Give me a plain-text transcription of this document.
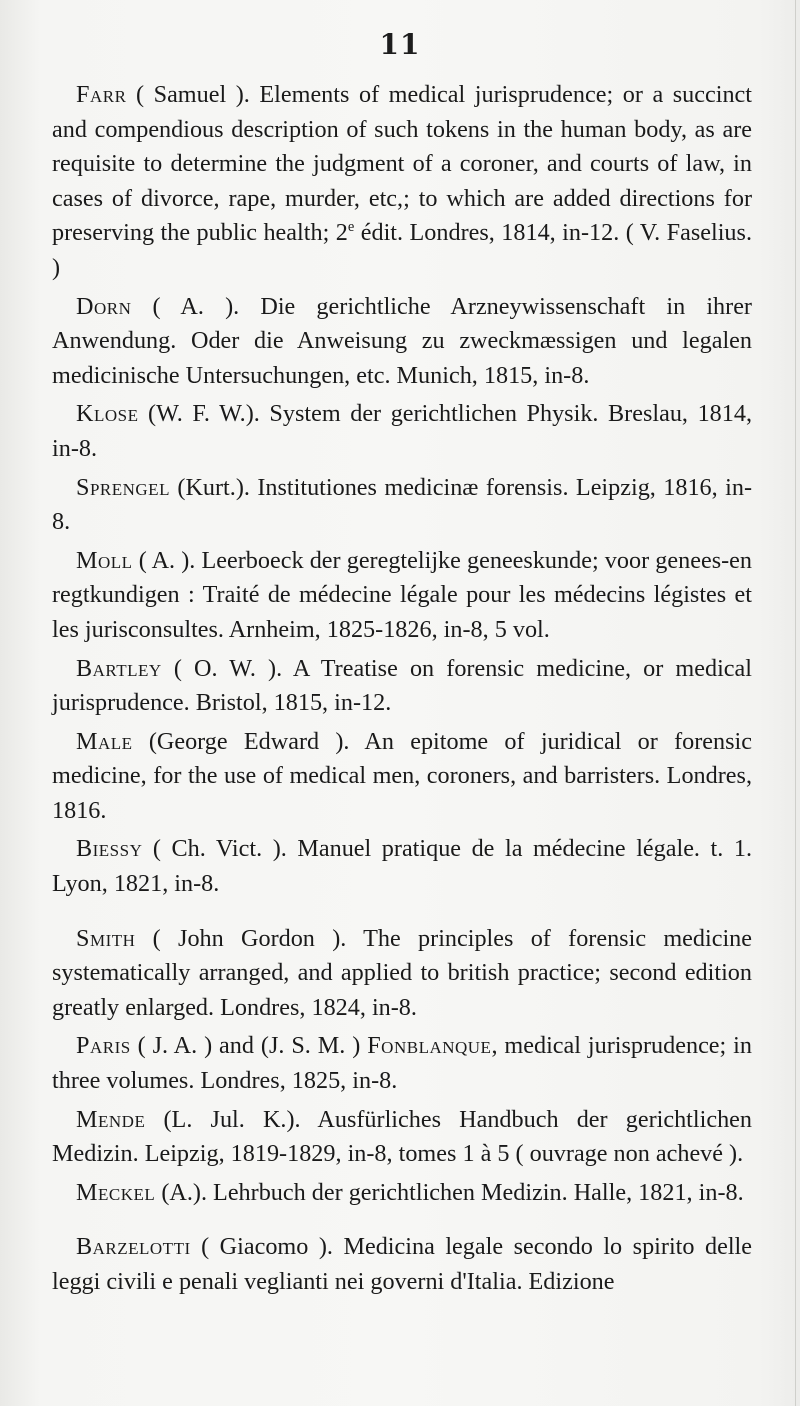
11

Farr ( Samuel ). Elements of medical jurisprudence; or a succinct and compendious description of such tokens in the human body, as are requisite to determine the judgment of a coroner, and courts of law, in cases of divorce, rape, murder, etc,; to which are added directions for preserving the public health; 2e édit. Londres, 1814, in-12. ( V. Faselius. )

Dorn ( A. ). Die gerichtliche Arzneywissenschaft in ihrer Anwendung. Oder die Anweisung zu zweckmæssigen und legalen medicinische Untersuchungen, etc. Munich, 1815, in-8.

Klose (W. F. W.). System der gerichtlichen Physik. Breslau, 1814, in-8.

Sprengel (Kurt.). Institutiones medicinæ forensis. Leipzig, 1816, in-8.

Moll ( A. ). Leerboeck der geregtelijke geneeskunde; voor genees-en regtkundigen : Traité de médecine légale pour les médecins légistes et les jurisconsultes. Arnheim, 1825-1826, in-8, 5 vol.

Bartley ( O. W. ). A Treatise on forensic medicine, or medical jurisprudence. Bristol, 1815, in-12.

Male (George Edward ). An epitome of juridical or forensic medicine, for the use of medical men, coroners, and barristers. Londres, 1816.

Biessy ( Ch. Vict. ). Manuel pratique de la médecine légale. t. 1. Lyon, 1821, in-8.

Smith ( John Gordon ). The principles of forensic medicine systematically arranged, and applied to british practice; second edition greatly enlarged. Londres, 1824, in-8.

Paris ( J. A. ) and (J. S. M. ) Fonblanque, medical jurisprudence; in three volumes. Londres, 1825, in-8.

Mende (L. Jul. K.). Ausfürliches Handbuch der gerichtlichen Medizin. Leipzig, 1819-1829, in-8, tomes 1 à 5 ( ouvrage non achevé ).

Meckel (A.). Lehrbuch der gerichtlichen Medizin. Halle, 1821, in-8.

Barzelotti ( Giacomo ). Medicina legale secondo lo spirito delle leggi civili e penali veglianti nei governi d'Italia. Edizione
